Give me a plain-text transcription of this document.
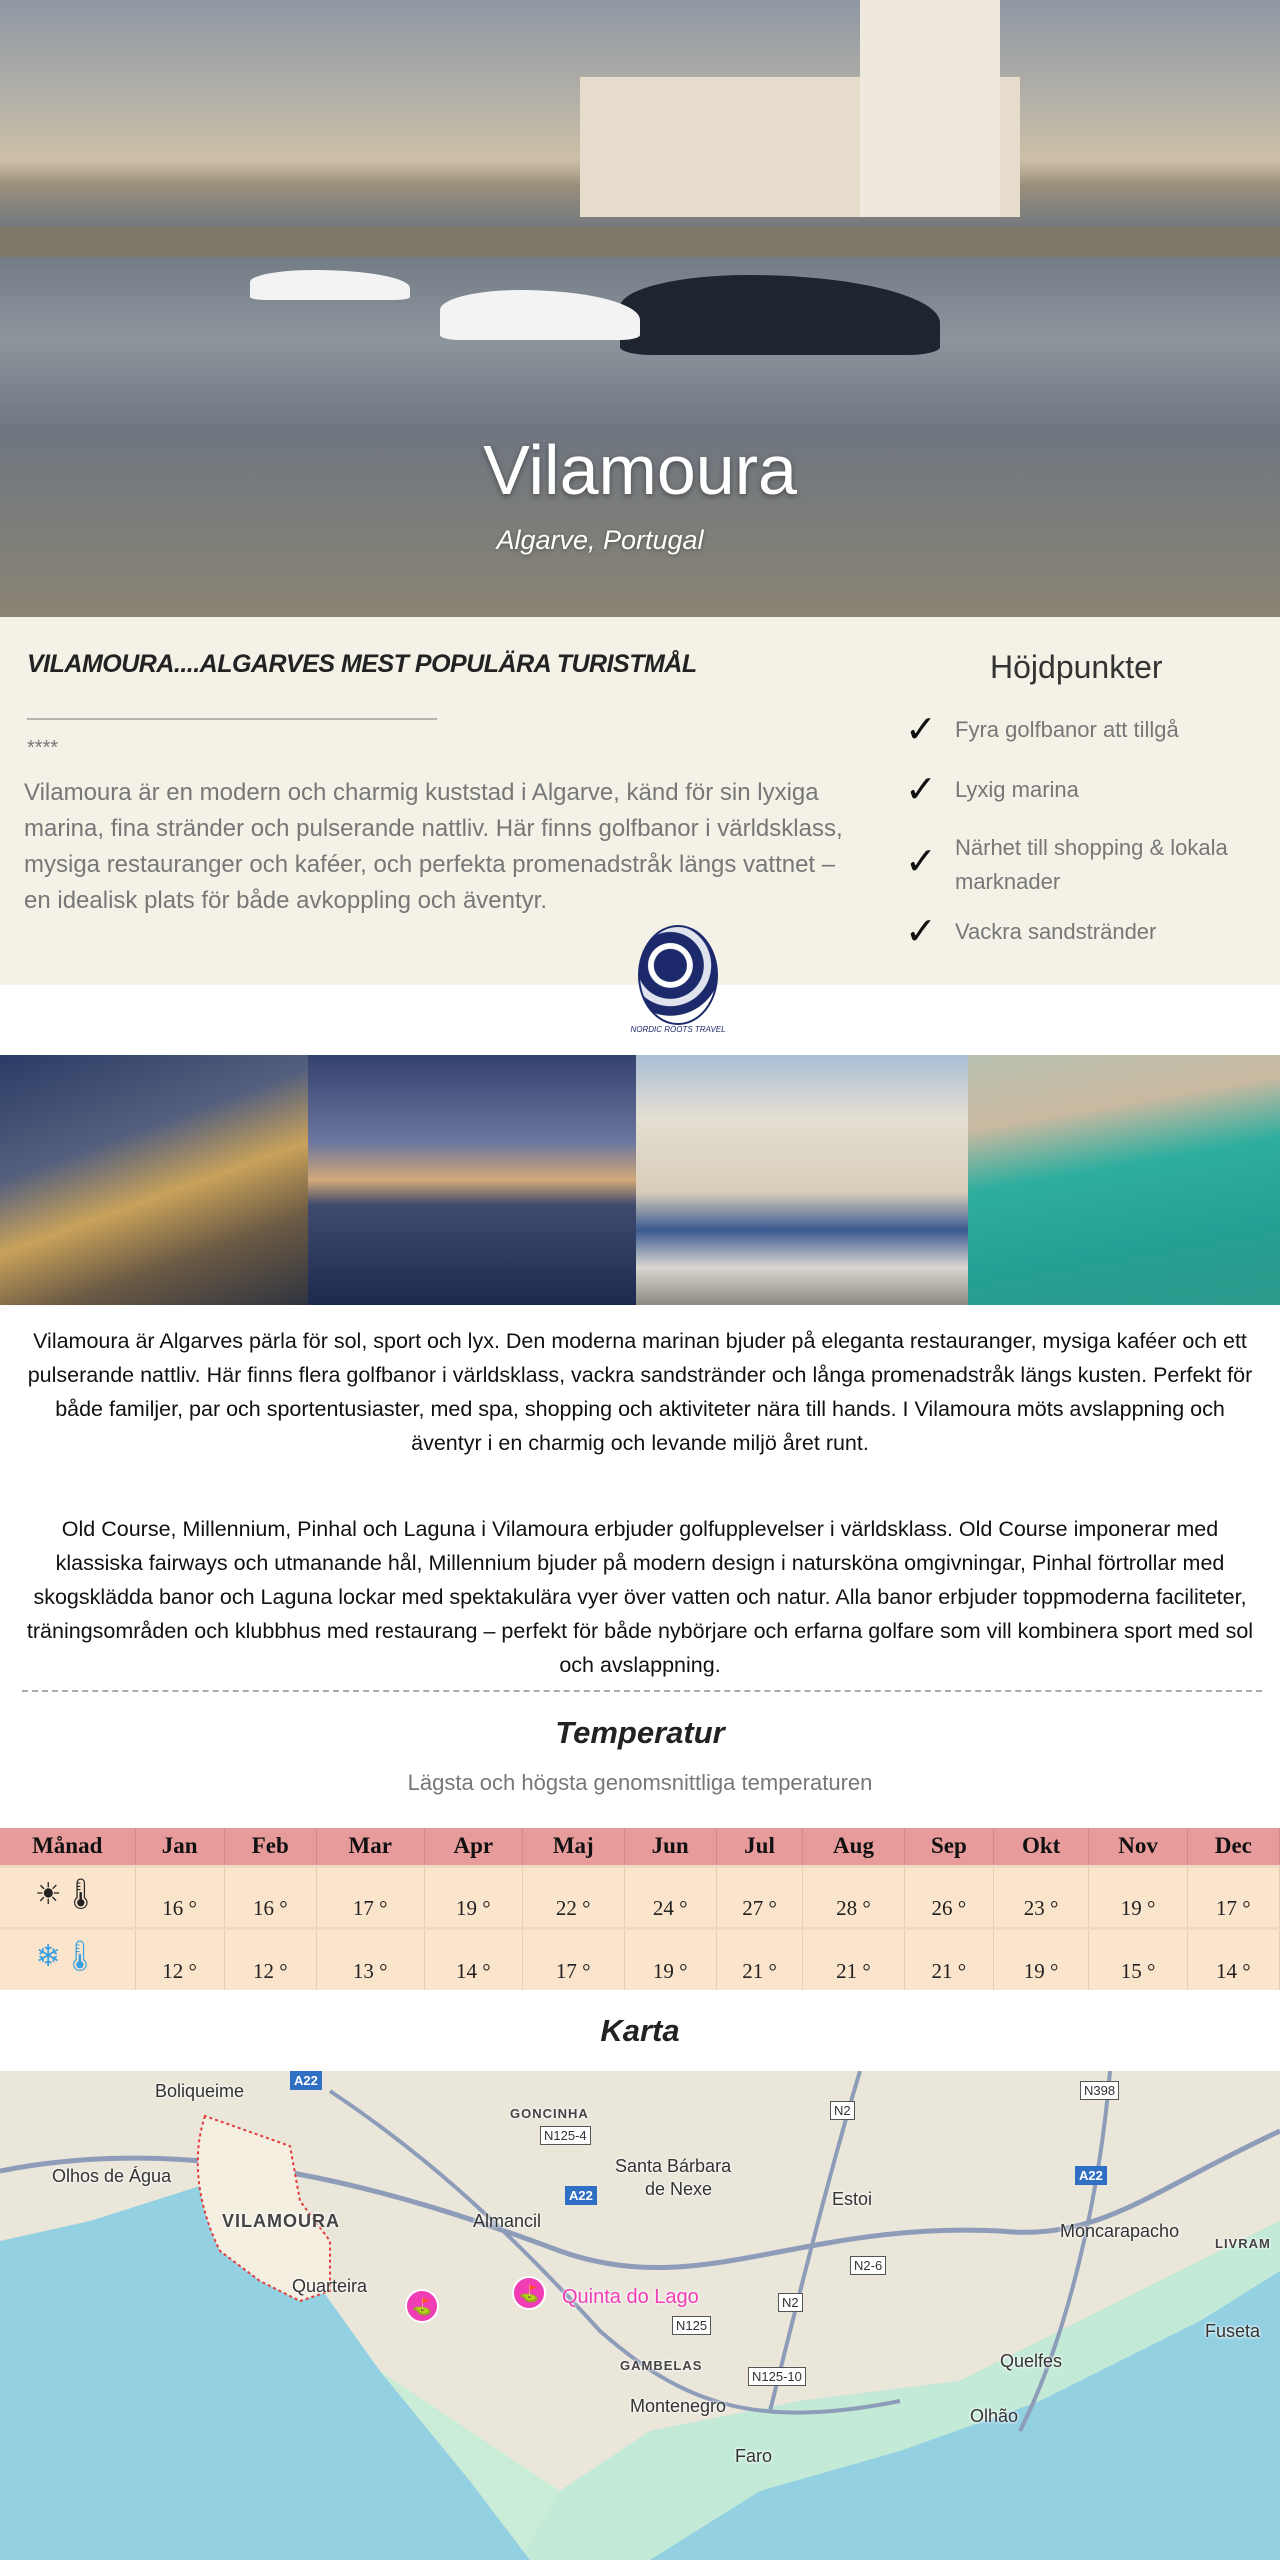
Vilamoura
Algarve, Portugal
VILAMOURA....ALGARVES MEST POPULÄRA TURISTMÅL
****

Vilamoura är en modern och charmig kuststad i Algarve, känd för sin lyxiga marina, fina stränder och pulserande nattliv. Här finns golfbanor i världsklass, mysiga restauranger och kaféer, och perfekta promenadstråk längs vattnet – en idealisk plats för både avkoppling och äventyr.

Höjdpunkter
✓ Fyra golfbanor att tillgå
✓ Lyxig marina
✓ Närhet till shopping & lokala marknader
✓ Vackra sandstränder
NORDIC ROOTS TRAVEL

Vilamoura är Algarves pärla för sol, sport och lyx. Den moderna marinan bjuder på eleganta restauranger, mysiga kaféer och ett pulserande nattliv. Här finns flera golfbanor i världsklass, vackra sandstränder och långa promenadstråk längs kusten. Perfekt för både familjer, par och sportentusiaster, med spa, shopping och aktiviteter nära till hands. I Vilamoura möts avslappning och äventyr i en charmig och levande miljö året runt.

Old Course, Millennium, Pinhal och Laguna i Vilamoura erbjuder golfupplevelser i världsklass. Old Course imponerar med klassiska fairways och utmanande hål, Millennium bjuder på modern design i natursköna omgivningar, Pinhal förtrollar med skogsklädda banor och Laguna lockar med spektakulära vyer över vatten och natur. Alla banor erbjuder toppmoderna faciliteter, träningsområden och klubbhus med restaurang – perfekt för både nybörjare och erfarna golfare som vill kombinera sport med sol och avslappning.

Temperatur
Lägsta och högsta genomsnittliga temperaturen
Månad	Jan	Feb	Mar	Apr	Maj	Jun	Jul	Aug	Sep	Okt	Nov	Dec
☀🌡	16 °	16 °	17 °	19 °	22 °	24 °	27 °	28 °	26 °	23 °	19 °	17 °
❄🌡	12 °	12 °	13 °	14 °	17 °	19 °	21 °	21 °	21 °	19 °	15 °	14 °
Karta
Boliqueime
GONCINHA
Santa Bárbara
de Nexe
Olhos de Água
VILAMOURA	Almancil
Estoi
Moncarapacho
LIVRAM
Quarteira	Quinta do Lago
GAMBELAS
Montenegro
Faro
Quelfes
Olhão
Fuseta
N125-4
N2
N398
A22
A22
A22
N2-6
N2
N125
N125-10
⛳
⛳
